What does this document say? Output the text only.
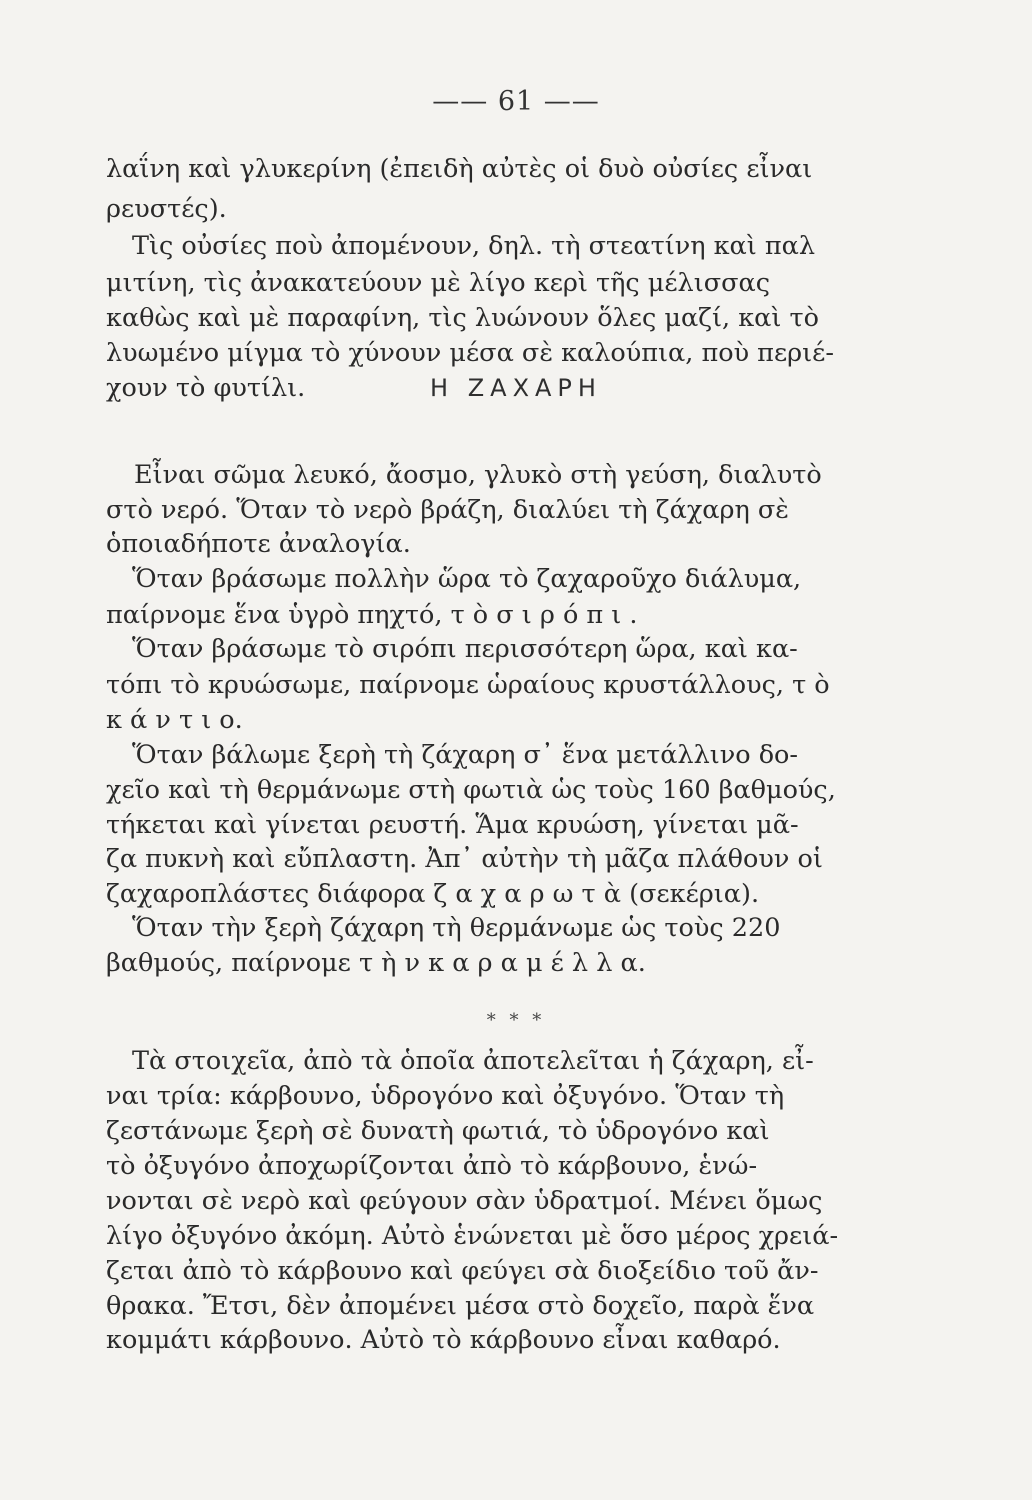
—— 61 ——
λαΐνη καὶ γλυκερίνη (ἐπειδὴ αὐτὲς οἱ δυὸ οὐσίες εἶναι
ρευστές).
Τὶς οὐσίες ποὺ ἀπομένουν, δηλ. τὴ στεατίνη καὶ παλ
μιτίνη, τὶς ἀνακατεύουν μὲ λίγο κερὶ τῆς μέλισσας
καθὼς καὶ μὲ παραφίνη, τὶς λυώνουν ὅλες μαζί, καὶ τὸ
λυωμένο μίγμα τὸ χύνουν μέσα σὲ καλούπια, ποὺ περιέ-
χουν τὸ φυτίλι.	Η ΖΑΧΑΡΗ
Εἶναι σῶμα λευκό, ἄοσμο, γλυκὸ στὴ γεύση, διαλυτὸ
στὸ νερό. Ὅταν τὸ νερὸ βράζη, διαλύει τὴ ζάχαρη σὲ
ὁποιαδήποτε ἀναλογία.
Ὅταν βράσωμε πολλὴν ὥρα τὸ ζαχαροῦχο διάλυμα,
παίρνομε ἕνα ὑγρὸ πηχτό, τ ὸ σ ι ρ ό π ι .
Ὅταν βράσωμε τὸ σιρόπι περισσότερη ὥρα, καὶ κα-
τόπι τὸ κρυώσωμε, παίρνομε ὡραίους κρυστάλλους, τ ὸ
κ ά ν τ ι ο.
Ὅταν βάλωμε ξερὴ τὴ ζάχαρη σ᾽ ἕνα μετάλλινο δο-
χεῖο καὶ τὴ θερμάνωμε στὴ φωτιὰ ὡς τοὺς 160 βαθμούς,
τήκεται καὶ γίνεται ρευστή. Ἅμα κρυώση, γίνεται μᾶ-
ζα πυκνὴ καὶ εὔπλαστη. Ἀπ᾽ αὐτὴν τὴ μᾶζα πλάθουν οἱ
ζαχαροπλάστες διάφορα ζ α χ α ρ ω τ ὰ (σεκέρια).
Ὅταν τὴν ξερὴ ζάχαρη τὴ θερμάνωμε ὡς τοὺς 220
βαθμούς, παίρνομε τ ὴ ν κ α ρ α μ έ λ λ α.
* * *
Τὰ στοιχεῖα, ἀπὸ τὰ ὁποῖα ἀποτελεῖται ἡ ζάχαρη, εἶ-
ναι τρία: κάρβουνο, ὑδρογόνο καὶ ὀξυγόνο. Ὅταν τὴ
ζεστάνωμε ξερὴ σὲ δυνατὴ φωτιά, τὸ ὑδρογόνο καὶ
τὸ ὀξυγόνο ἀποχωρίζονται ἀπὸ τὸ κάρβουνο, ἑνώ-
νονται σὲ νερὸ καὶ φεύγουν σὰν ὑδρατμοί. Μένει ὅμως
λίγο ὀξυγόνο ἀκόμη. Αὐτὸ ἑνώνεται μὲ ὅσο μέρος χρειά-
ζεται ἀπὸ τὸ κάρβουνο καὶ φεύγει σὰ διοξείδιο τοῦ ἄν-
θρακα. Ἔτσι, δὲν ἀπομένει μέσα στὸ δοχεῖο, παρὰ ἕνα
κομμάτι κάρβουνο. Αὐτὸ τὸ κάρβουνο εἶναι καθαρό.
